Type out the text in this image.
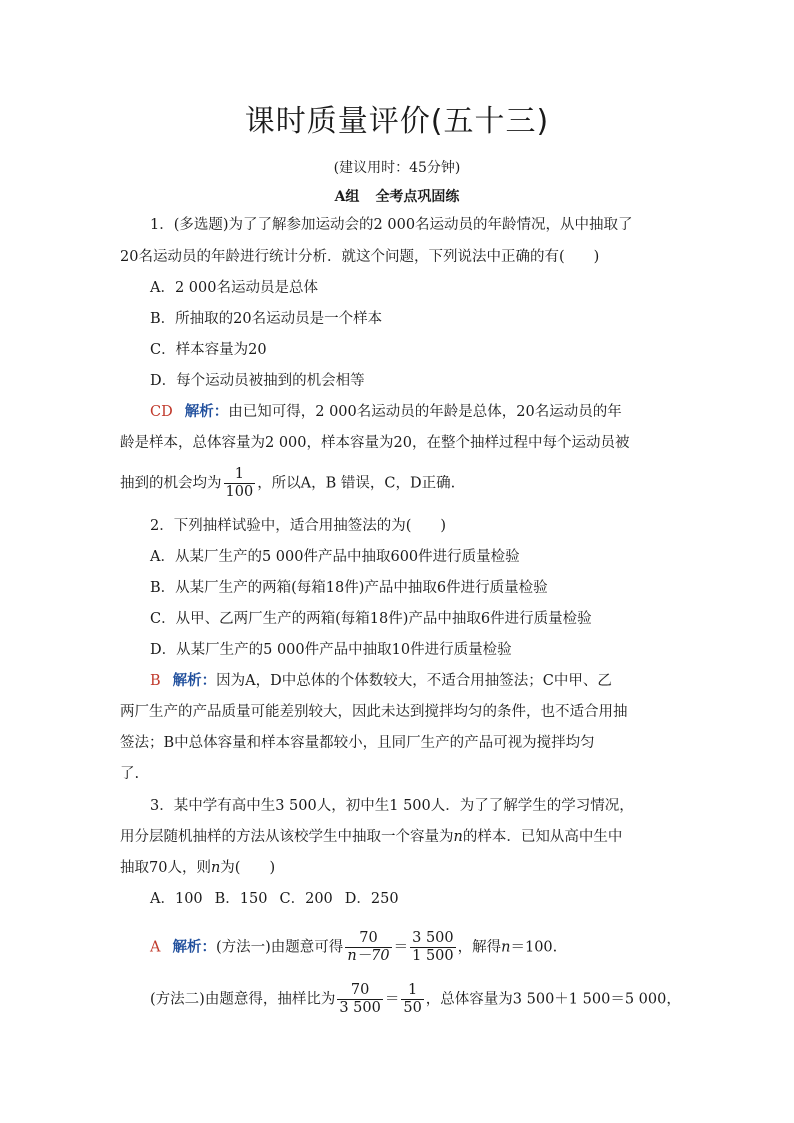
课时质量评价(五十三)
(建议用时：45分钟)
A组 全考点巩固练
1．(多选题)为了了解参加运动会的2 000名运动员的年龄情况，从中抽取了
20名运动员的年龄进行统计分析．就这个问题，下列说法中正确的有(　　)
A．2 000名运动员是总体
B．所抽取的20名运动员是一个样本
C．样本容量为20
D．每个运动员被抽到的机会相等
CD 解析：由已知可得，2 000名运动员的年龄是总体，20名运动员的年
龄是样本，总体容量为2 000，样本容量为20，在整个抽样过程中每个运动员被
抽到的机会均为 $\frac{1}{100}$ ，所以A，B 错误，C，D正确.
2．下列抽样试验中，适合用抽签法的为(　　)
A．从某厂生产的5 000件产品中抽取600件进行质量检验
B．从某厂生产的两箱(每箱18件)产品中抽取6件进行质量检验
C．从甲、乙两厂生产的两箱(每箱18件)产品中抽取6件进行质量检验
D．从某厂生产的5 000件产品中抽取10件进行质量检验
B 解析：因为A，D中总体的个体数较大，不适合用抽签法；C中甲、乙
两厂生产的产品质量可能差别较大，因此未达到搅拌均匀的条件，也不适合用抽
签法；B中总体容量和样本容量都较小，且同厂生产的产品可视为搅拌均匀
了.
3．某中学有高中生3 500人，初中生1 500人．为了了解学生的学习情况，
用分层随机抽样的方法从该校学生中抽取一个容量为n的样本．已知从高中生中
抽取70人，则n为(　　)
A．100 B．150 C．200 D．250
A 解析：(方法一)由题意可得 $\frac{70}{n-70} = \frac{3 500}{1 500}$ ，解得n＝100.
(方法二)由题意得，抽样比为 $\frac{70}{3 500} = \frac{1}{50}$ ，总体容量为3 500＋1 500＝5 000，
